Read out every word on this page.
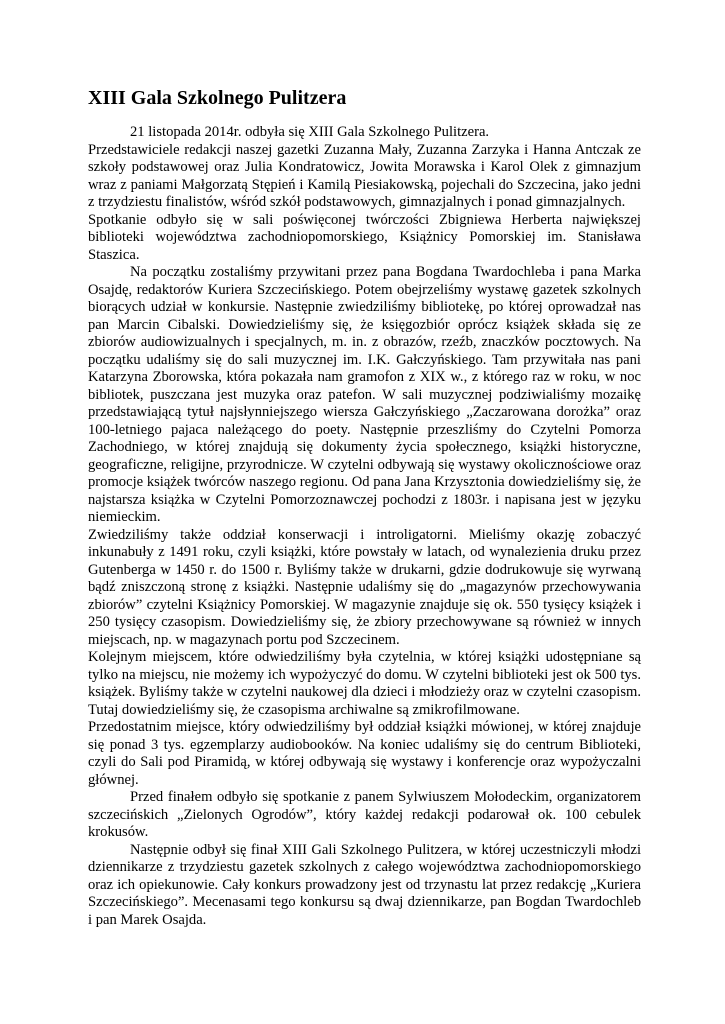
XIII Gala Szkolnego Pulitzera

21 listopada 2014r. odbyła się XIII Gala Szkolnego Pulitzera.

Przedstawiciele redakcji naszej gazetki Zuzanna Mały, Zuzanna Zarzyka i Hanna Antczak ze szkoły podstawowej oraz Julia Kondratowicz, Jowita Morawska i Karol Olek z gimnazjum wraz z paniami Małgorzatą Stępień i Kamilą Piesiakowską, pojechali do Szczecina, jako jedni z trzydziestu finalistów, wśród szkół podstawowych, gimnazjalnych i ponad gimnazjalnych.

Spotkanie odbyło się w sali poświęconej twórczości Zbigniewa Herberta największej biblioteki województwa zachodniopomorskiego, Książnicy Pomorskiej im. Stanisława Staszica.

Na początku zostaliśmy przywitani przez pana Bogdana Twardochleba i pana Marka Osajdę, redaktorów Kuriera Szczecińskiego. Potem obejrzeliśmy wystawę gazetek szkolnych biorących udział w konkursie. Następnie zwiedziliśmy bibliotekę, po której oprowadzał nas pan Marcin Cibalski. Dowiedzieliśmy się, że księgozbiór oprócz książek składa się ze zbiorów audiowizualnych i specjalnych, m. in. z obrazów, rzeźb, znaczków pocztowych. Na początku udaliśmy się do sali muzycznej im. I.K. Gałczyńskiego. Tam przywitała nas pani Katarzyna Zborowska, która pokazała nam gramofon z XIX w., z którego raz w roku, w noc bibliotek, puszczana jest muzyka oraz patefon. W sali muzycznej podziwialiśmy mozaikę przedstawiającą tytuł najsłynniejszego wiersza Gałczyńskiego „Zaczarowana dorożka” oraz 100-letniego pajaca należącego do poety. Następnie przeszliśmy do Czytelni Pomorza Zachodniego, w której znajdują się dokumenty życia społecznego, książki historyczne, geograficzne, religijne, przyrodnicze. W czytelni odbywają się wystawy okolicznościowe oraz promocje książek twórców naszego regionu. Od pana Jana Krzysztonia dowiedzieliśmy się, że najstarsza książka w Czytelni Pomorzoznawczej pochodzi z 1803r. i napisana jest w języku niemieckim.

Zwiedziliśmy także oddział konserwacji i introligatorni. Mieliśmy okazję zobaczyć inkunabuły z 1491 roku, czyli książki, które powstały w latach, od wynalezienia druku przez Gutenberga w 1450 r. do 1500 r. Byliśmy także w drukarni, gdzie dodrukowuje się wyrwaną bądź zniszczoną stronę z książki. Następnie udaliśmy się do „magazynów przechowywania zbiorów” czytelni Książnicy Pomorskiej. W magazynie znajduje się ok. 550 tysięcy książek i 250 tysięcy czasopism. Dowiedzieliśmy się, że zbiory przechowywane są również w innych miejscach, np. w magazynach portu pod Szczecinem.

Kolejnym miejscem, które odwiedziliśmy była czytelnia, w której książki udostępniane są tylko na miejscu, nie możemy ich wypożyczyć do domu. W czytelni biblioteki jest ok 500 tys. książek. Byliśmy także w czytelni naukowej dla dzieci i młodzieży oraz w czytelni czasopism. Tutaj dowiedzieliśmy się, że czasopisma archiwalne są zmikrofilmowane.

Przedostatnim miejsce, który odwiedziliśmy był oddział książki mówionej, w której znajduje się ponad 3 tys. egzemplarzy audiobooków. Na koniec udaliśmy się do centrum Biblioteki, czyli do Sali pod Piramidą, w której odbywają się wystawy i konferencje oraz wypożyczalni głównej.

Przed finałem odbyło się spotkanie z panem Sylwiuszem Mołodeckim, organizatorem szczecińskich „Zielonych Ogrodów”, który każdej redakcji podarował ok. 100 cebulek krokusów.

Następnie odbył się finał XIII Gali Szkolnego Pulitzera, w której uczestniczyli młodzi dziennikarze z trzydziestu gazetek szkolnych z całego województwa zachodniopomorskiego oraz ich opiekunowie. Cały konkurs prowadzony jest od trzynastu lat przez redakcję „Kuriera Szczecińskiego”. Mecenasami tego konkursu są dwaj dziennikarze, pan Bogdan Twardochleb i pan Marek Osajda.
